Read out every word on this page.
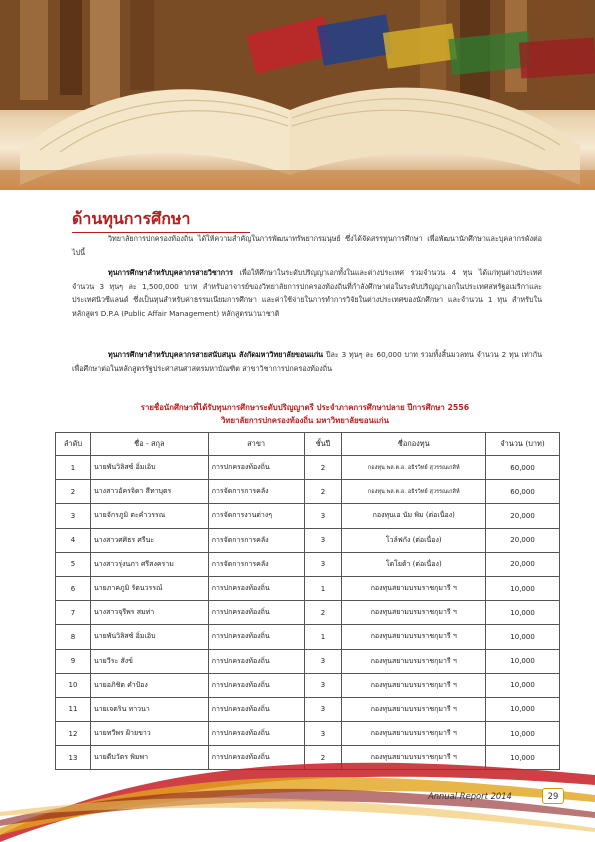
ด้านทุนการศึกษา
วิทยาลัยการปกครองท้องถิ่น ได้ให้ความสำคัญในการพัฒนาทรัพยากรมนุษย์ ซึ่งได้จัดสรรทุนการศึกษา เพื่อพัฒนานักศึกษาและบุคลากรดังต่อไปนี้
ทุนการศึกษาสำหรับบุคลากรสายวิชาการ เพื่อให้ศึกษาในระดับปริญญาเอกทั้งในและต่างประเทศ รวมจำนวน 4 ทุน ได้แก่ทุนต่างประเทศ จำนวน 3 ทุนๆ ละ 1,500,000 บาท สำหรับอาจารย์ของวิทยาลัยการปกครองท้องถิ่นที่กำลังศึกษาต่อในระดับปริญญาเอกในประเทศสหรัฐอเมริกาและประเทศนิวซีแลนด์ ซึ่งเป็นทุนสำหรับค่าธรรมเนียมการศึกษา และค่าใช้จ่ายในการทำการวิจัยในต่างประเทศของนักศึกษา และจำนวน 1 ทุน สำหรับในหลักสูตร D.P.A (Public Affair Management) หลักสูตรนานาชาติ
ทุนการศึกษาสำหรับบุคลากรสายสนับสนุน สังกัดมหาวิทยาลัยขอนแก่น ปีละ 3 ทุนๆ ละ 60,000 บาท รวมทั้งสิ้นมวลทน จำนวน 2 ทุน เท่ากัน เพื่อศึกษาต่อในหลักสูตรรัฐประศาสนศาสตรมหาบัณฑิต สาขาวิชาการปกครองท้องถิ่น
รายชื่อนักศึกษาที่ได้รับทุนการศึกษาระดับปริญญาตรี ประจำภาคการศึกษาปลาย ปีการศึกษา 2556
วิทยาลัยการปกครองท้องถิ่น มหาวิทยาลัยขอนแก่น
ลำดับ	ชื่อ - สกุล	สาขา	ชั้นปี	ชื่อกองทุน	จำนวน (บาท)
1	นายพันวิลิสซ์ อิ่มเอิบ	การปกครองท้องถิ่น	2	กองทุน พล.ต.อ. อธิรวิทย์ สุวรรณเกสิห์	60,000
2	นางสาวอัครจิดา สีทาบุตร	การจัดการการคลัง	2	กองทุน พล.ต.อ. อธิรวิทย์ สุวรรณเกสิห์	60,000
3	นายจักรภูมิ ตะคำวรรณ	การจัดการงานต่างๆ	3	กองทุนเอ นัม พิม (ต่อเนื่อง)	20,000
4	นางสาวศศิธร ศรีนะ	การจัดการการคลัง	3	โวล์ฟกัง (ต่อเนื่อง)	20,000
5	นางสาวรุ่งนภา ศรีสงคราม	การจัดการการคลัง	3	โตโยต้า (ต่อเนื่อง)	20,000
6	นายภาคภูมิ รัตนวรรณ์	การปกครองท้องถิ่น	1	กองทุนสยามบรมราชกุมารี ฯ	10,000
7	นางสาวจุรีพร สมท่า	การปกครองท้องถิ่น	2	กองทุนสยามบรมราชกุมารี ฯ	10,000
8	นายพันวิลิสซ์ อิ่มเอิบ	การปกครองท้องถิ่น	1	กองทุนสยามบรมราชกุมารี ฯ	10,000
9	นายวีระ สังข์	การปกครองท้องถิ่น	3	กองทุนสยามบรมราชกุมารี ฯ	10,000
10	นายอภิชิต คำป้อง	การปกครองท้องถิ่น	3	กองทุนสยามบรมราชกุมารี ฯ	10,000
11	นายเจตริน ทาวนา	การปกครองท้องถิ่น	3	กองทุนสยามบรมราชกุมารี ฯ	10,000
12	นายทวีพร ฝ้ายขาว	การปกครองท้องถิ่น	3	กองทุนสยามบรมราชกุมารี ฯ	10,000
13	นายดีบวัตร พิมพา	การปกครองท้องถิ่น	2	กองทุนสยามบรมราชกุมารี ฯ	10,000
Annual Report 2014	29
